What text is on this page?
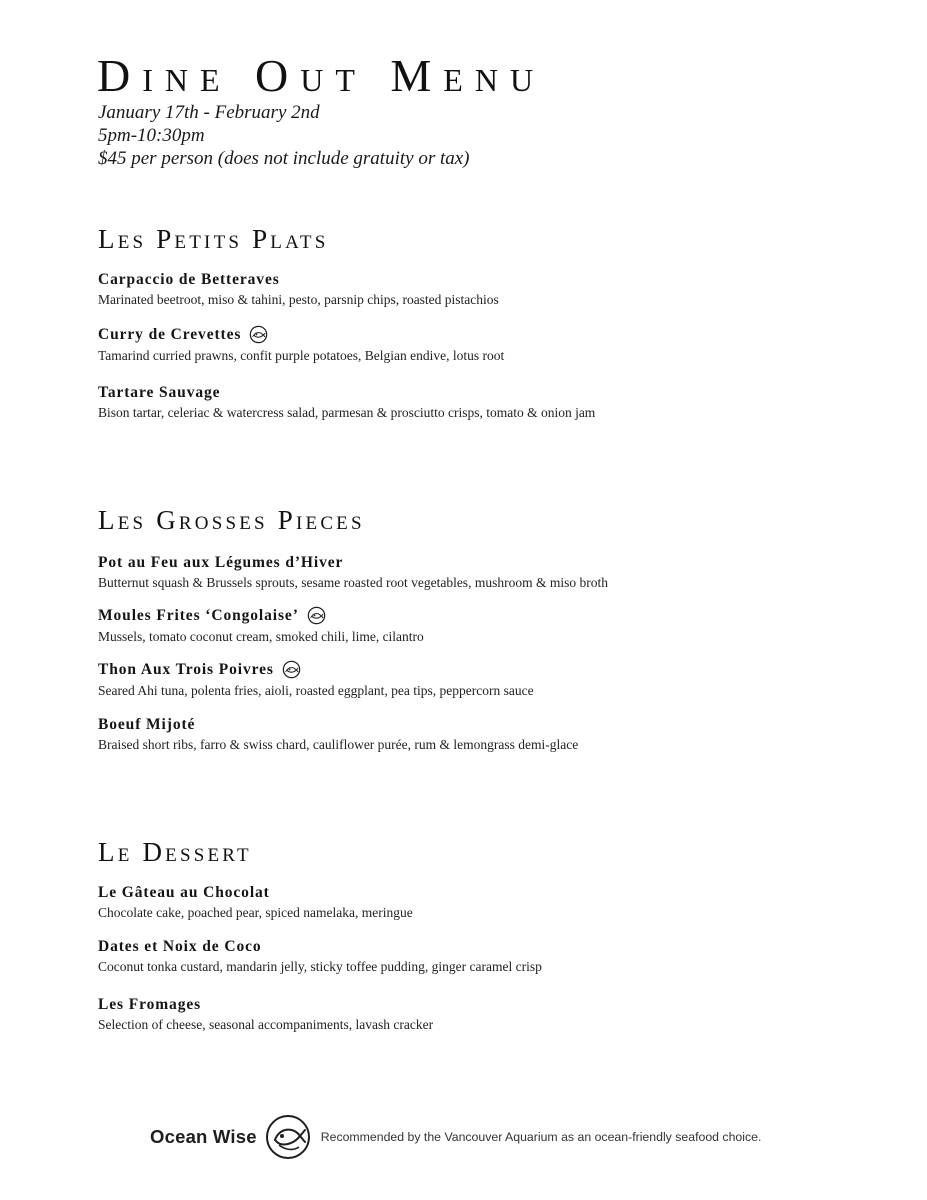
Dine Out Menu

January 17th - February 2nd

5pm-10:30pm

$45 per person (does not include gratuity or tax)

Les Petits Plats
Carpaccio de Betteraves

Marinated beetroot, miso & tahini, pesto, parsnip chips, roasted pistachios

Curry de Crevettes

Tamarind curried prawns, confit purple potatoes, Belgian endive, lotus root

Tartare Sauvage

Bison tartar, celeriac & watercress salad, parmesan & prosciutto crisps, tomato & onion jam

Les Grosses Pieces
Pot au Feu aux Légumes d’Hiver

Butternut squash & Brussels sprouts, sesame roasted root vegetables, mushroom & miso broth

Moules Frites ‘Congolaise’

Mussels, tomato coconut cream, smoked chili, lime, cilantro

Thon Aux Trois Poivres

Seared Ahi tuna, polenta fries, aioli, roasted eggplant, pea tips, peppercorn sauce

Boeuf Mijoté

Braised short ribs, farro & swiss chard, cauliflower purée, rum & lemongrass demi-glace

Le Dessert
Le Gâteau au Chocolat

Chocolate cake, poached pear, spiced namelaka, meringue

Dates et Noix de Coco

Coconut tonka custard, mandarin jelly, sticky toffee pudding, ginger caramel crisp

Les Fromages

Selection of cheese, seasonal accompaniments, lavash cracker

Ocean Wise	Recommended by the Vancouver Aquarium as an ocean-friendly seafood choice.
